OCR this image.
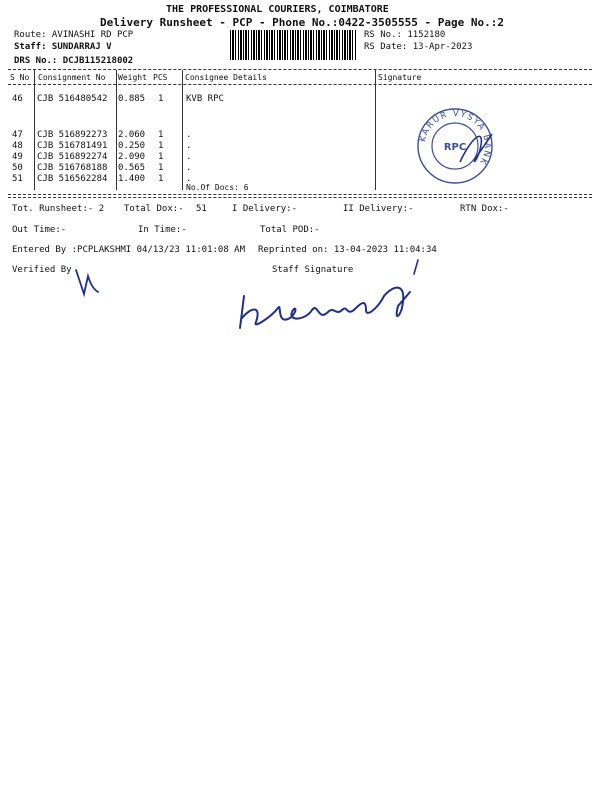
THE PROFESSIONAL COURIERS, COIMBATORE
Delivery Runsheet - PCP - Phone No.:0422-3505555 - Page No.:2
Route: AVINASHI RD PCP
Staff: SUNDARRAJ V
DRS No.: DCJB115218002
RS No.: 1152180
RS Date: 13-Apr-2023
S No Consignment No Weight PCS Consignee Details	Signature
46 CJB 516480542 0.885 1	KVB RPC
47 CJB 516892273 2.060 1	.
48 CJB 516781491 0.250 1	.
49 CJB 516892274 2.090 1	.
50 CJB 516768188 0.565 1	.
51 CJB 516562284 1.400 1	.
No.Of Docs: 6
KARUR VYSYA BANK
RPC
Tot. Runsheet:- 2 Total Dox:- 51	I Delivery:-	II Delivery:-	RTN Dox:-
Out Time:-	In Time:-	Total POD:-
Entered By :PCPLAKSHMI 04/13/23 11:01:08 AM Reprinted on: 13-04-2023 11:04:34
Verified By	Staff Signature
